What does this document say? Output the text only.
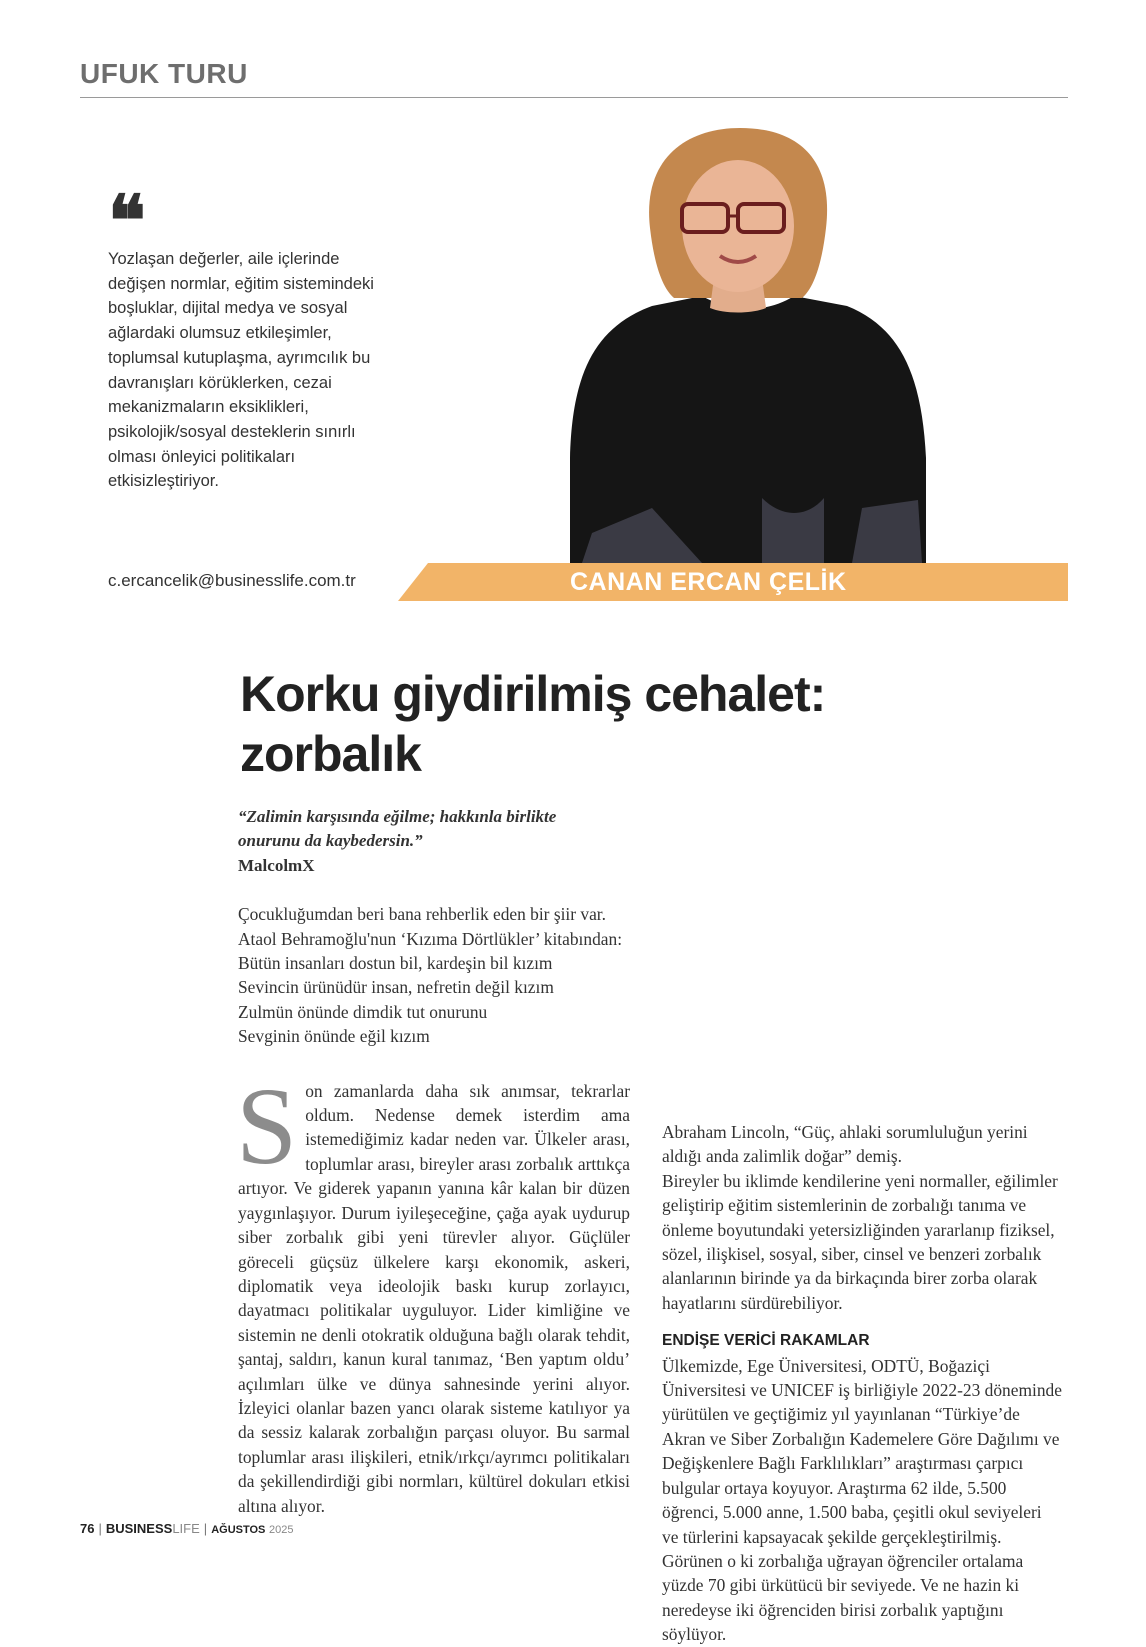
UFUK TURU
❝

Yozlaşan değerler, aile içlerinde değişen normlar, eğitim sistemindeki boşluklar, dijital medya ve sosyal ağlardaki olumsuz etkileşimler, toplumsal kutuplaşma, ayrımcılık bu davranışları körüklerken, cezai mekanizmaların eksiklikleri, psikolojik/sosyal desteklerin sınırlı olması önleyici politikaları etkisizleştiriyor.

c.ercancelik@businesslife.com.tr	CANAN ERCAN ÇELİK
Korku giydirilmiş cehalet:
zorbalık

“Zalimin karşısında eğilme; hakkınla birlikte
onurunu da kaybedersin.”

MalcolmX

Çocukluğumdan beri bana rehberlik eden bir şiir var. Ataol Behramoğlu'nun ‘Kızıma Dörtlükler’ kitabından:

Bütün insanları dostun bil, kardeşin bil kızım

Sevincin ürünüdür insan, nefretin değil kızım

Zulmün önünde dimdik tut onurunu

Sevginin önünde eğil kızım

Son zamanlarda daha sık anımsar, tekrarlar oldum. Nedense demek isterdim ama istemediğimiz kadar neden var. Ülkeler arası, toplumlar arası, bireyler arası zorbalık arttıkça artıyor. Ve giderek yapanın yanına kâr kalan bir düzen yaygınlaşıyor. Durum iyileşeceğine, çağa ayak uydurup siber zorbalık gibi yeni türevler alıyor. Güçlüler göreceli güçsüz ülkelere karşı ekonomik, askeri, diplomatik veya ideolojik baskı kurup zorlayıcı, dayatmacı politikalar uyguluyor. Lider kimliğine ve sistemin ne denli otokratik olduğuna bağlı olarak tehdit, şantaj, saldırı, kanun kural tanımaz, ‘Ben yaptım oldu’ açılımları ülke ve dünya sahnesinde yerini alıyor. İzleyici olanlar bazen yancı olarak sisteme katılıyor ya da sessiz kalarak zorbalığın parçası oluyor. Bu sarmal toplumlar arası ilişkileri, etnik/ırkçı/ayrımcı politikaları da şekillendirdiği gibi normları, kültürel dokuları etkisi altına alıyor.

Abraham Lincoln, “Güç, ahlaki sorumluluğun yerini aldığı anda zalimlik doğar” demiş.

Bireyler bu iklimde kendilerine yeni normaller, eğilimler geliştirip eğitim sistemlerinin de zorbalığı tanıma ve önleme boyutundaki yetersizliğinden yararlanıp fiziksel, sözel, ilişkisel, sosyal, siber, cinsel ve benzeri zorbalık alanlarının birinde ya da birkaçında birer zorba olarak hayatlarını sürdürebiliyor.

ENDİŞE VERİCİ RAKAMLAR

Ülkemizde, Ege Üniversitesi, ODTÜ, Boğaziçi Üniversitesi ve UNICEF iş birliğiyle 2022-23 döneminde yürütülen ve geçtiğimiz yıl yayınlanan “Türkiye’de Akran ve Siber Zorbalığın Kademelere Göre Dağılımı ve Değişkenlere Bağlı Farklılıkları” araştırması çarpıcı bulgular ortaya koyuyor. Araştırma 62 ilde, 5.500 öğrenci, 5.000 anne, 1.500 baba, çeşitli okul seviyeleri ve türlerini kapsayacak şekilde gerçekleştirilmiş. Görünen o ki zorbalığa uğrayan öğrenciler ortalama yüzde 70 gibi ürkütücü bir seviyede. Ve ne hazin ki neredeyse iki öğrenciden birisi zorbalık yaptığını söylüyor.

76 | BUSINESSLIFE | AĞUSTOS 2025
